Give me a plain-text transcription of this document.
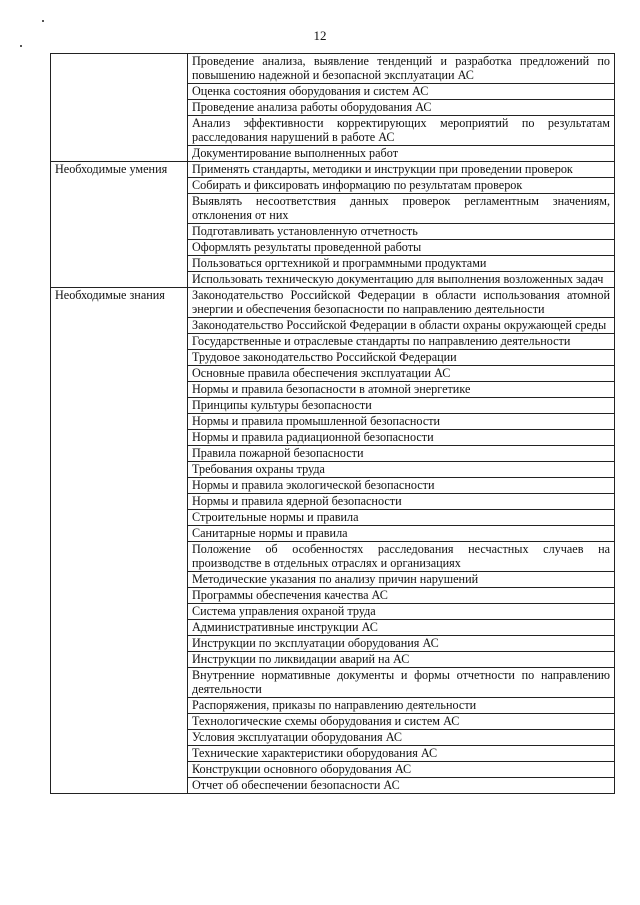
12

	Проведение анализа, выявление тенденций и разработка предложений по повышению надежной и безопасной эксплуатации АС

	Оценка состояния оборудования и систем АС

	Проведение анализа работы оборудования АС

	Анализ эффективности корректирующих мероприятий по результатам расследования нарушений в работе АС

	Документирование выполненных работ

Необходимые умения	Применять стандарты, методики и инструкции при проведении проверок

	Собирать и фиксировать информацию по результатам проверок

	Выявлять несоответствия данных проверок регламентным значениям, отклонения от них

	Подготавливать установленную отчетность

	Оформлять результаты проведенной работы

	Пользоваться оргтехникой и программными продуктами

	Использовать техническую документацию для выполнения возложенных задач

Необходимые знания	Законодательство Российской Федерации в области использования атомной энергии и обеспечения безопасности по направлению деятельности

	Законодательство Российской Федерации в области охраны окружающей среды

	Государственные и отраслевые стандарты по направлению деятельности

	Трудовое законодательство Российской Федерации

	Основные правила обеспечения эксплуатации АС

	Нормы и правила безопасности в атомной энергетике

	Принципы культуры безопасности

	Нормы и правила промышленной безопасности

	Нормы и правила радиационной безопасности

	Правила пожарной безопасности

	Требования охраны труда

	Нормы и правила экологической безопасности

	Нормы и правила ядерной безопасности

	Строительные нормы и правила

	Санитарные нормы и правила

	Положение об особенностях расследования несчастных случаев на производстве в отдельных отраслях и организациях

	Методические указания по анализу причин нарушений

	Программы обеспечения качества АС

	Система управления охраной труда

	Административные инструкции АС

	Инструкции по эксплуатации оборудования АС

	Инструкции по ликвидации аварий на АС

	Внутренние нормативные документы и формы отчетности по направлению деятельности

	Распоряжения, приказы по направлению деятельности

	Технологические схемы оборудования и систем АС

	Условия эксплуатации оборудования АС

	Технические характеристики оборудования АС

	Конструкции основного оборудования АС

	Отчет об обеспечении безопасности АС
